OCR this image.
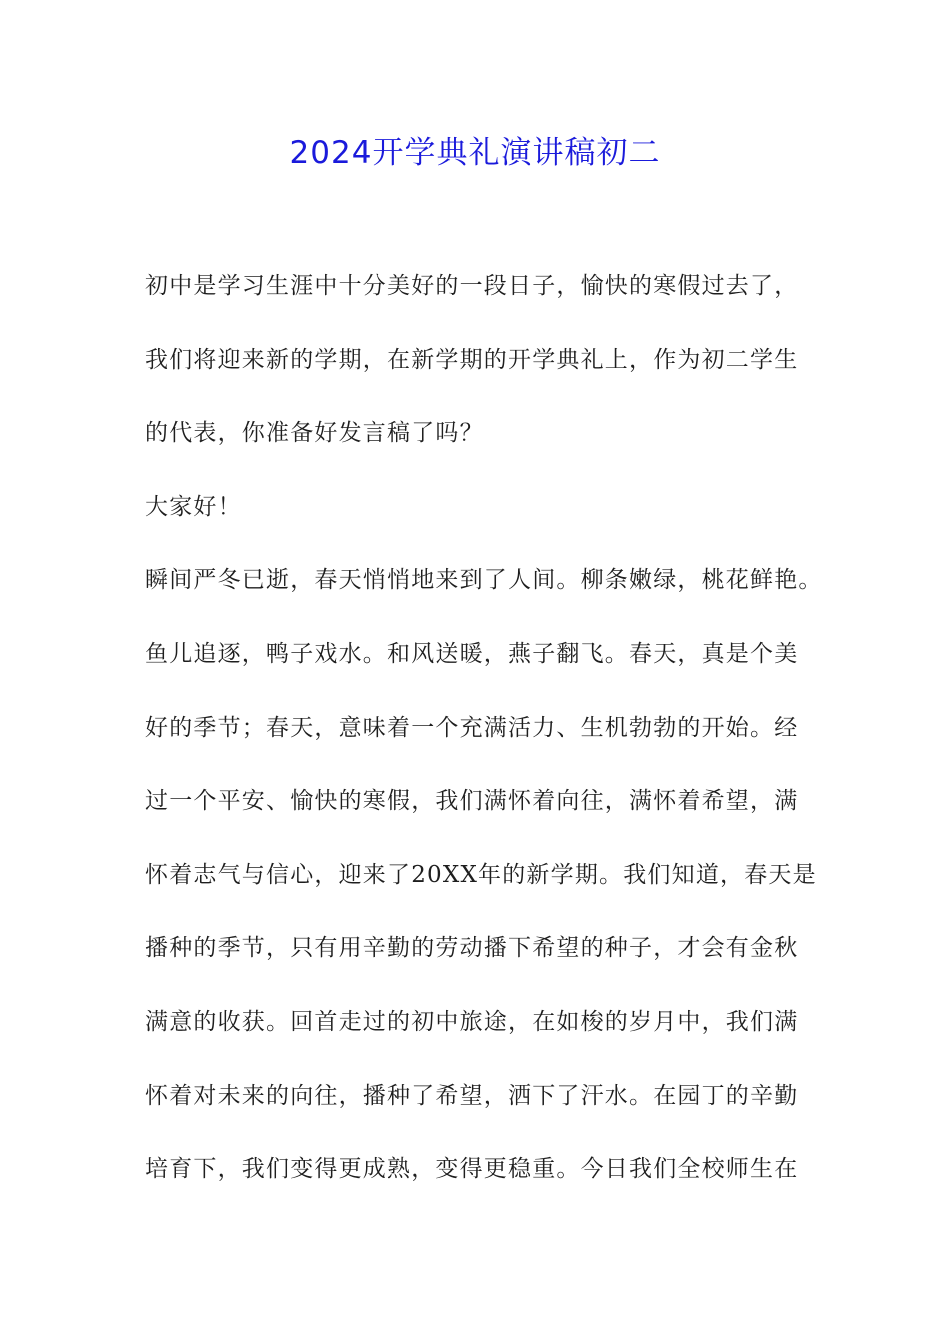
2024开学典礼演讲稿初二

初中是学习生涯中十分美好的一段日子，愉快的寒假过去了，

我们将迎来新的学期，在新学期的开学典礼上，作为初二学生

的代表，你准备好发言稿了吗？

大家好！

瞬间严冬已逝，春天悄悄地来到了人间。柳条嫩绿，桃花鲜艳。

鱼儿追逐，鸭子戏水。和风送暖，燕子翻飞。春天，真是个美

好的季节；春天，意味着一个充满活力、生机勃勃的开始。经

过一个平安、愉快的寒假，我们满怀着向往，满怀着希望，满

怀着志气与信心，迎来了20XX年的新学期。我们知道，春天是

播种的季节，只有用辛勤的劳动播下希望的种子，才会有金秋

满意的收获。回首走过的初中旅途，在如梭的岁月中，我们满

怀着对未来的向往，播种了希望，洒下了汗水。在园丁的辛勤

培育下，我们变得更成熟，变得更稳重。今日我们全校师生在
